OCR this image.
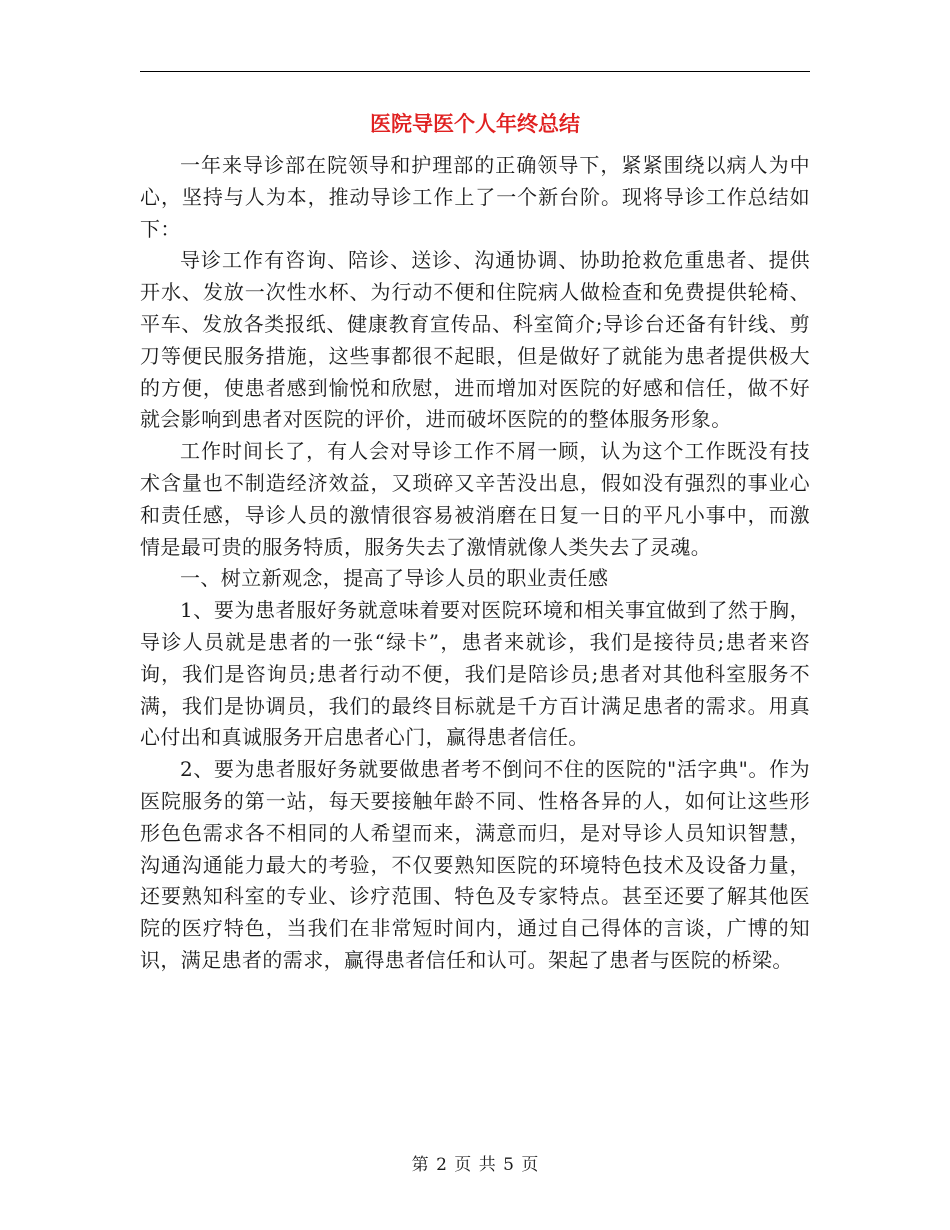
医院导医个人年终总结

一年来导诊部在院领导和护理部的正确领导下，紧紧围绕以病人为中心，坚持与人为本，推动导诊工作上了一个新台阶。现将导诊工作总结如下：

导诊工作有咨询、陪诊、送诊、沟通协调、协助抢救危重患者、提供开水、发放一次性水杯、为行动不便和住院病人做检查和免费提供轮椅、平车、发放各类报纸、健康教育宣传品、科室简介;导诊台还备有针线、剪刀等便民服务措施，这些事都很不起眼，但是做好了就能为患者提供极大的方便，使患者感到愉悦和欣慰，进而增加对医院的好感和信任，做不好就会影响到患者对医院的评价，进而破坏医院的的整体服务形象。

工作时间长了，有人会对导诊工作不屑一顾，认为这个工作既没有技术含量也不制造经济效益，又琐碎又辛苦没出息，假如没有强烈的事业心和责任感，导诊人员的激情很容易被消磨在日复一日的平凡小事中，而激情是最可贵的服务特质，服务失去了激情就像人类失去了灵魂。

一、树立新观念，提高了导诊人员的职业责任感

1、要为患者服好务就意味着要对医院环境和相关事宜做到了然于胸，导诊人员就是患者的一张“绿卡”，患者来就诊，我们是接待员;患者来咨询，我们是咨询员;患者行动不便，我们是陪诊员;患者对其他科室服务不满，我们是协调员，我们的最终目标就是千方百计满足患者的需求。用真心付出和真诚服务开启患者心门，赢得患者信任。

2、要为患者服好务就要做患者考不倒问不住的医院的"活字典"。作为医院服务的第一站，每天要接触年龄不同、性格各异的人，如何让这些形形色色需求各不相同的人希望而来，满意而归，是对导诊人员知识智慧，沟通沟通能力最大的考验，不仅要熟知医院的环境特色技术及设备力量，还要熟知科室的专业、诊疗范围、特色及专家特点。甚至还要了解其他医院的医疗特色，当我们在非常短时间内，通过自己得体的言谈，广博的知识，满足患者的需求，赢得患者信任和认可。架起了患者与医院的桥梁。

第 2 页 共 5 页
